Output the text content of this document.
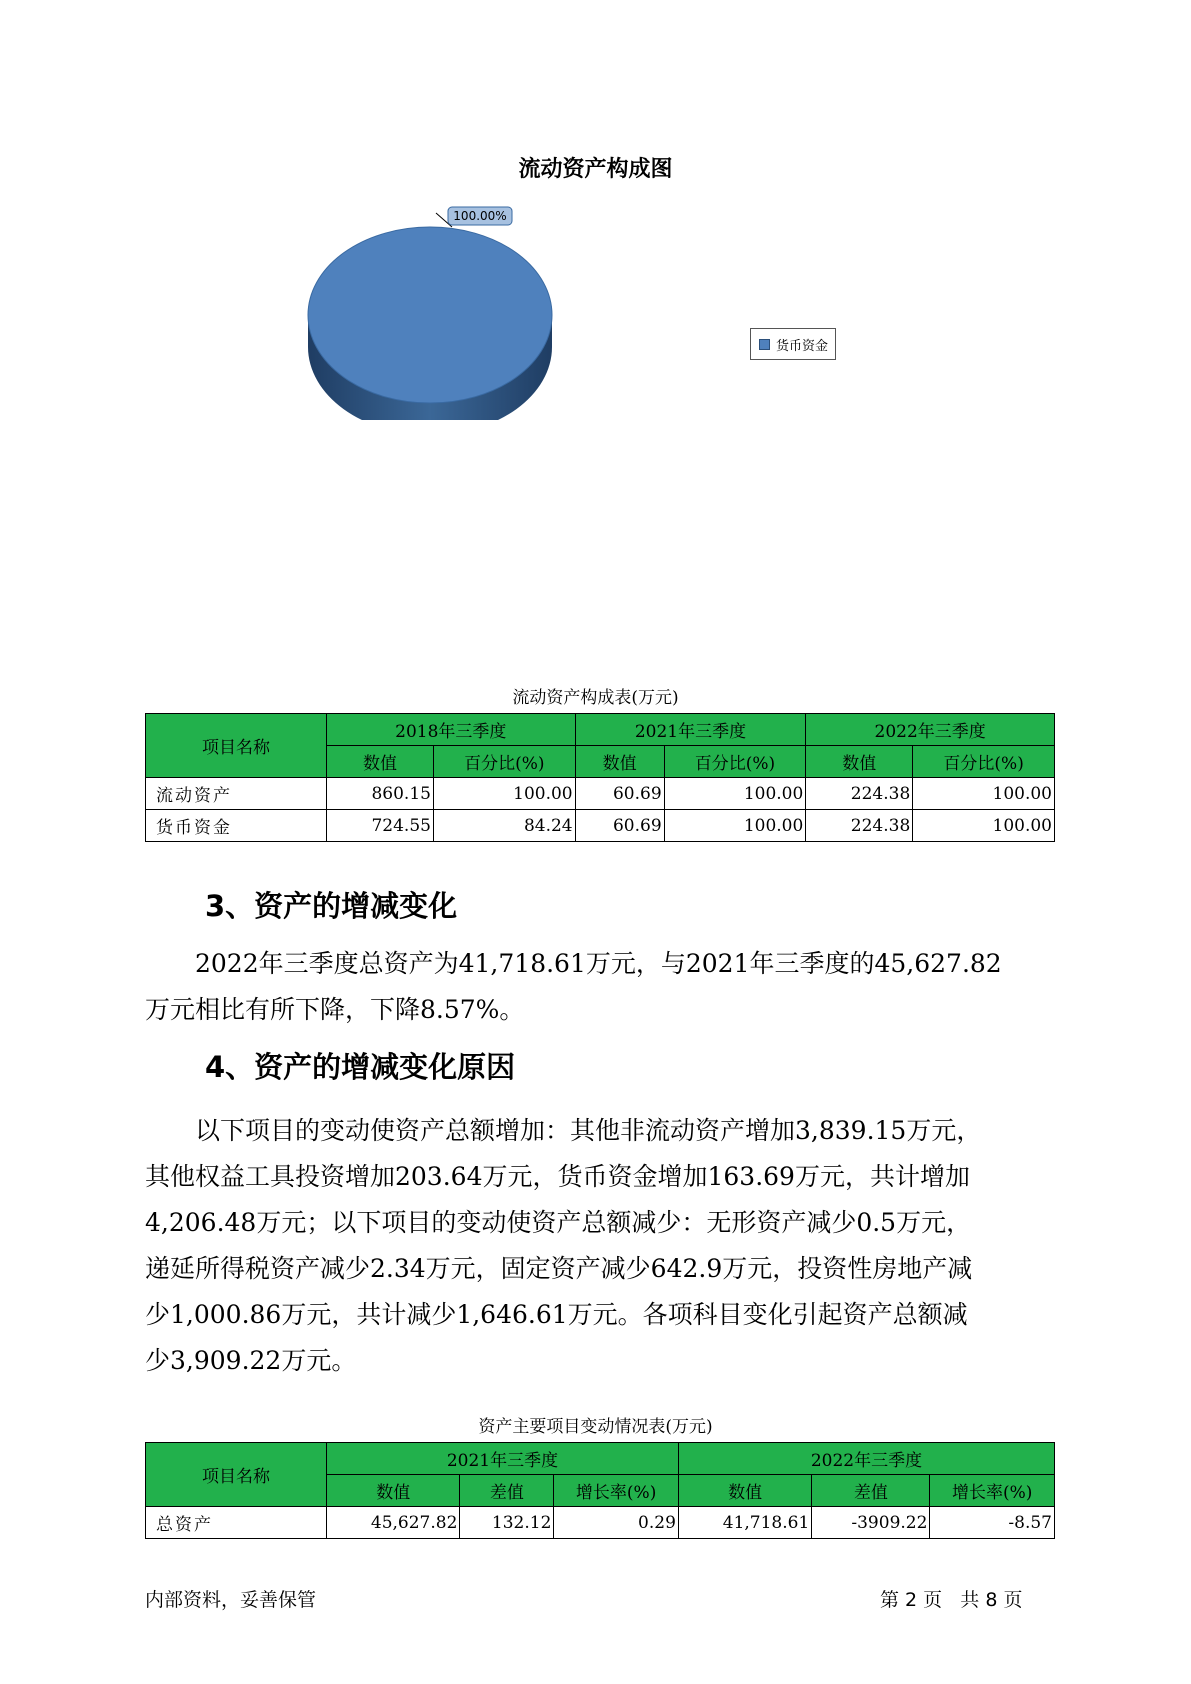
流动资产构成图
100.00%
货币资金
流动资产构成表(万元)
项目名称	2018年三季度		2021年三季度		2022年三季度	
	数值	百分比(%)	数值	百分比(%)	数值	百分比(%)
流动资产	860.15	100.00	60.69	100.00	224.38	100.00
货币资金	724.55	84.24	60.69	100.00	224.38	100.00
3、资产的增减变化
　　2022年三季度总资产为41,718.61万元，与2021年三季度的45,627.82
万元相比有所下降，下降8.57%。
4、资产的增减变化原因
　　以下项目的变动使资产总额增加：其他非流动资产增加3,839.15万元，
其他权益工具投资增加203.64万元，货币资金增加163.69万元，共计增加
4,206.48万元；以下项目的变动使资产总额减少：无形资产减少0.5万元，
递延所得税资产减少2.34万元，固定资产减少642.9万元，投资性房地产减
少1,000.86万元，共计减少1,646.61万元。各项科目变化引起资产总额减
少3,909.22万元。
资产主要项目变动情况表(万元)
项目名称	2021年三季度			2022年三季度		
	数值	差值	增长率(%)	数值	差值	增长率(%)
总资产	45,627.82	132.12	0.29	41,718.61	-3909.22	-8.57
内部资料，妥善保管	第 2 页   共 8 页
